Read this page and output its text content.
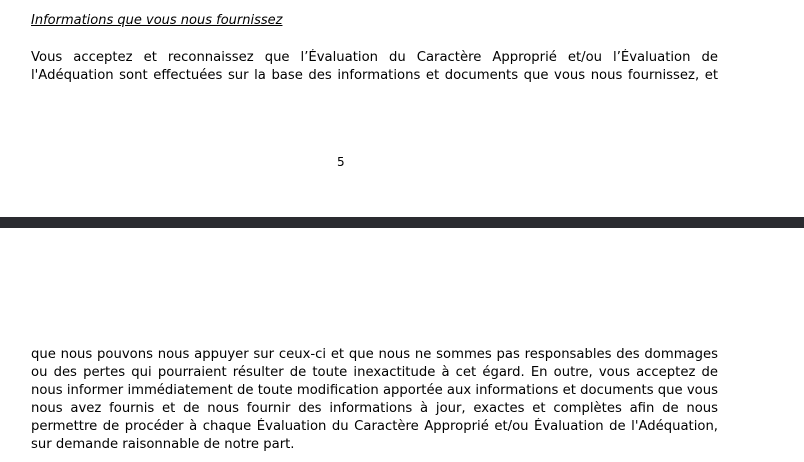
Informations que vous nous fournissez
Vous acceptez et reconnaissez que l’Évaluation du Caractère Approprié et/ou l’Évaluation de
l'Adéquation sont effectuées sur la base des informations et documents que vous nous fournissez, et
5
que nous pouvons nous appuyer sur ceux-ci et que nous ne sommes pas responsables des dommages
ou des pertes qui pourraient résulter de toute inexactitude à cet égard. En outre, vous acceptez de
nous informer immédiatement de toute modification apportée aux informations et documents que vous
nous avez fournis et de nous fournir des informations à jour, exactes et complètes afin de nous
permettre de procéder à chaque Évaluation du Caractère Approprié et/ou Évaluation de l'Adéquation,
sur demande raisonnable de notre part.
